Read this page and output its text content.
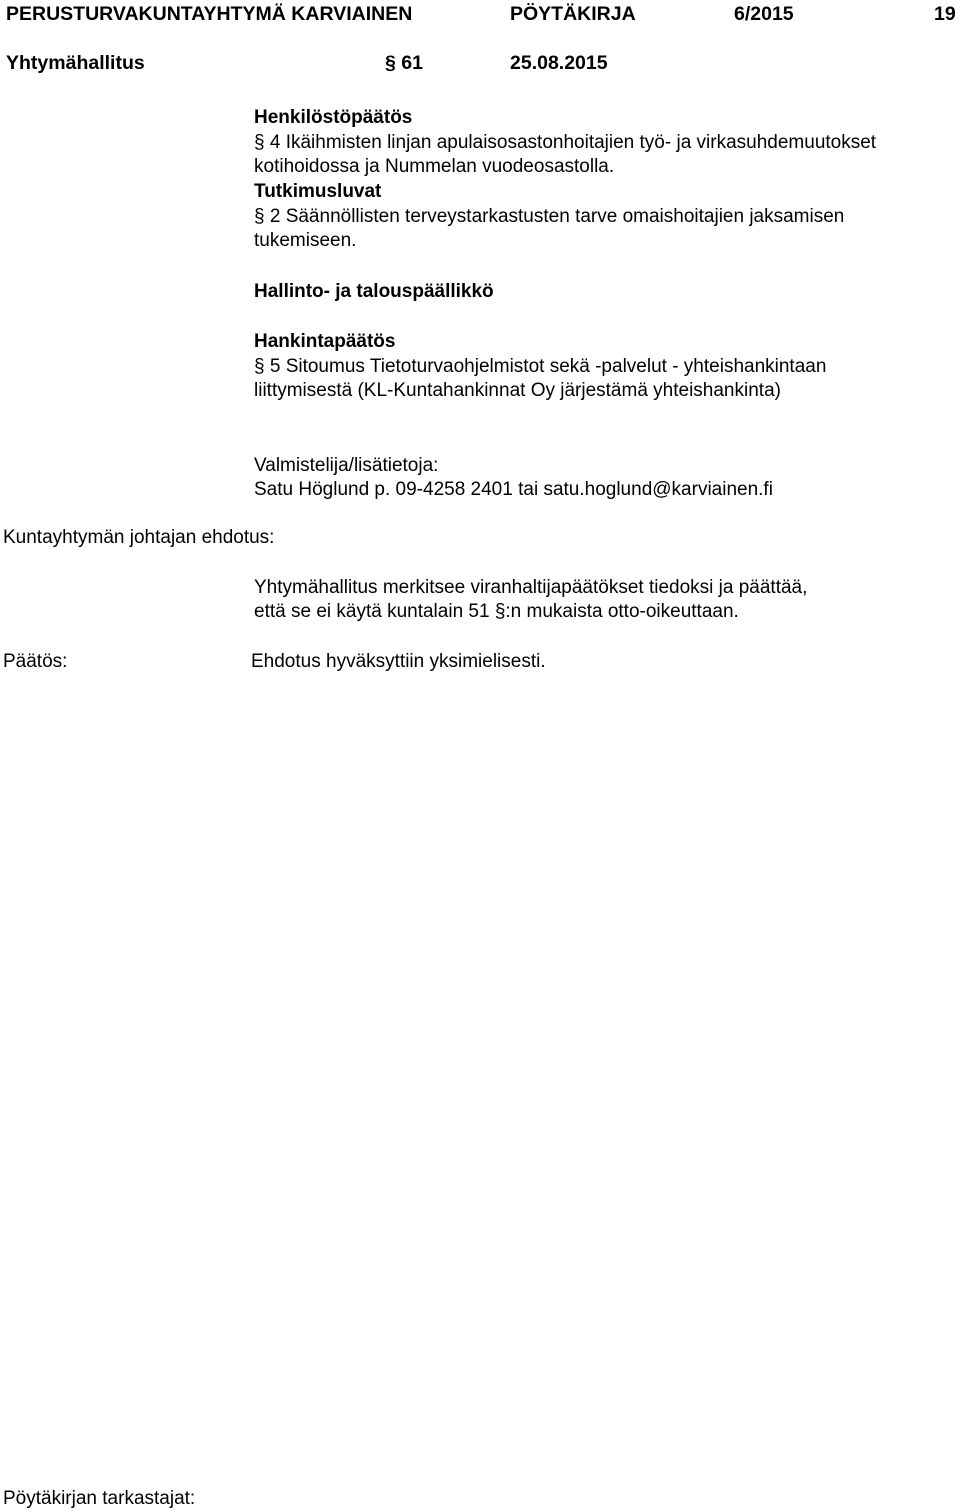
PERUSTURVAKUNTAYHTYMÄ KARVIAINEN	PÖYTÄKIRJA	6/2015	19
Yhtymähallitus	§ 61	25.08.2015
Henkilöstöpäätös
§ 4 Ikäihmisten linjan apulaisosastonhoitajien työ- ja virkasuhdemuutokset
kotihoidossa ja Nummelan vuodeosastolla.
Tutkimusluvat
§ 2 Säännöllisten terveystarkastusten tarve omaishoitajien jaksamisen
tukemiseen.
Hallinto- ja talouspäällikkö
Hankintapäätös
§ 5 Sitoumus Tietoturvaohjelmistot sekä -palvelut - yhteishankintaan
liittymisestä (KL-Kuntahankinnat Oy järjestämä yhteishankinta)
Valmistelija/lisätietoja:
Satu Höglund p. 09-4258 2401 tai satu.hoglund@karviainen.fi
Kuntayhtymän johtajan ehdotus:
Yhtymähallitus merkitsee viranhaltijapäätökset tiedoksi ja päättää,
että se ei käytä kuntalain 51 §:n mukaista otto-oikeuttaan.
Päätös:	Ehdotus hyväksyttiin yksimielisesti.
Pöytäkirjan tarkastajat:
